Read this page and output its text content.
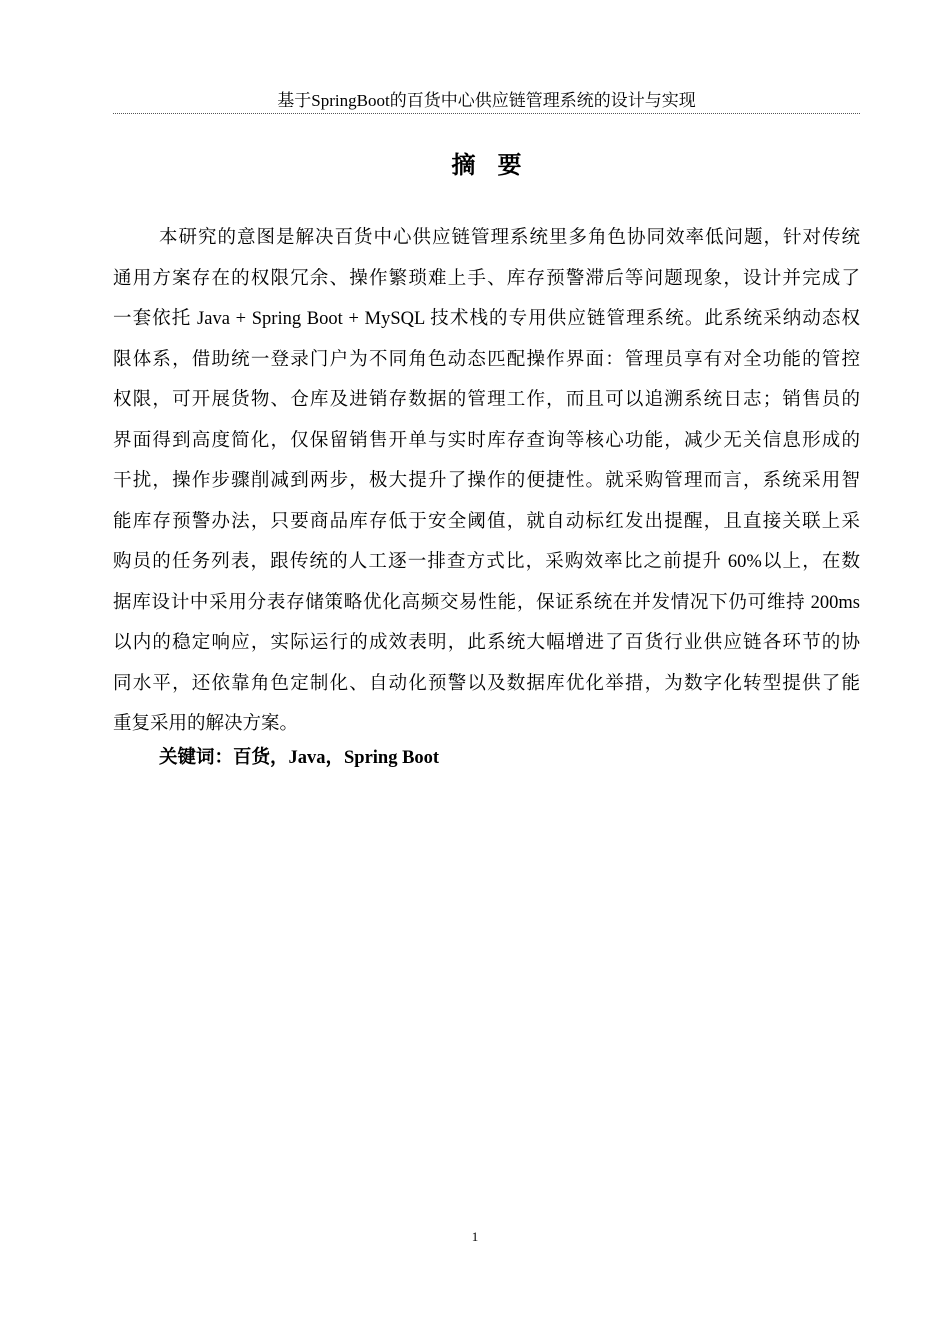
基于SpringBoot的百货中心供应链管理系统的设计与实现
摘 要
本研究的意图是解决百货中心供应链管理系统里多角色协同效率低问题，针对传统
通用方案存在的权限冗余、操作繁琐难上手、库存预警滞后等问题现象，设计并完成了
一套依托 Java + Spring Boot + MySQL 技术栈的专用供应链管理系统。此系统采纳动态权
限体系，借助统一登录门户为不同角色动态匹配操作界面：管理员享有对全功能的管控
权限，可开展货物、仓库及进销存数据的管理工作，而且可以追溯系统日志；销售员的
界面得到高度简化，仅保留销售开单与实时库存查询等核心功能，减少无关信息形成的
干扰，操作步骤削减到两步，极大提升了操作的便捷性。就采购管理而言，系统采用智
能库存预警办法，只要商品库存低于安全阈值，就自动标红发出提醒，且直接关联上采
购员的任务列表，跟传统的人工逐一排查方式比，采购效率比之前提升 60%以上，在数
据库设计中采用分表存储策略优化高频交易性能，保证系统在并发情况下仍可维持 200ms
以内的稳定响应，实际运行的成效表明，此系统大幅增进了百货行业供应链各环节的协
同水平，还依靠角色定制化、自动化预警以及数据库优化举措，为数字化转型提供了能
重复采用的解决方案。
关键词：百货，Java，Spring Boot
1
